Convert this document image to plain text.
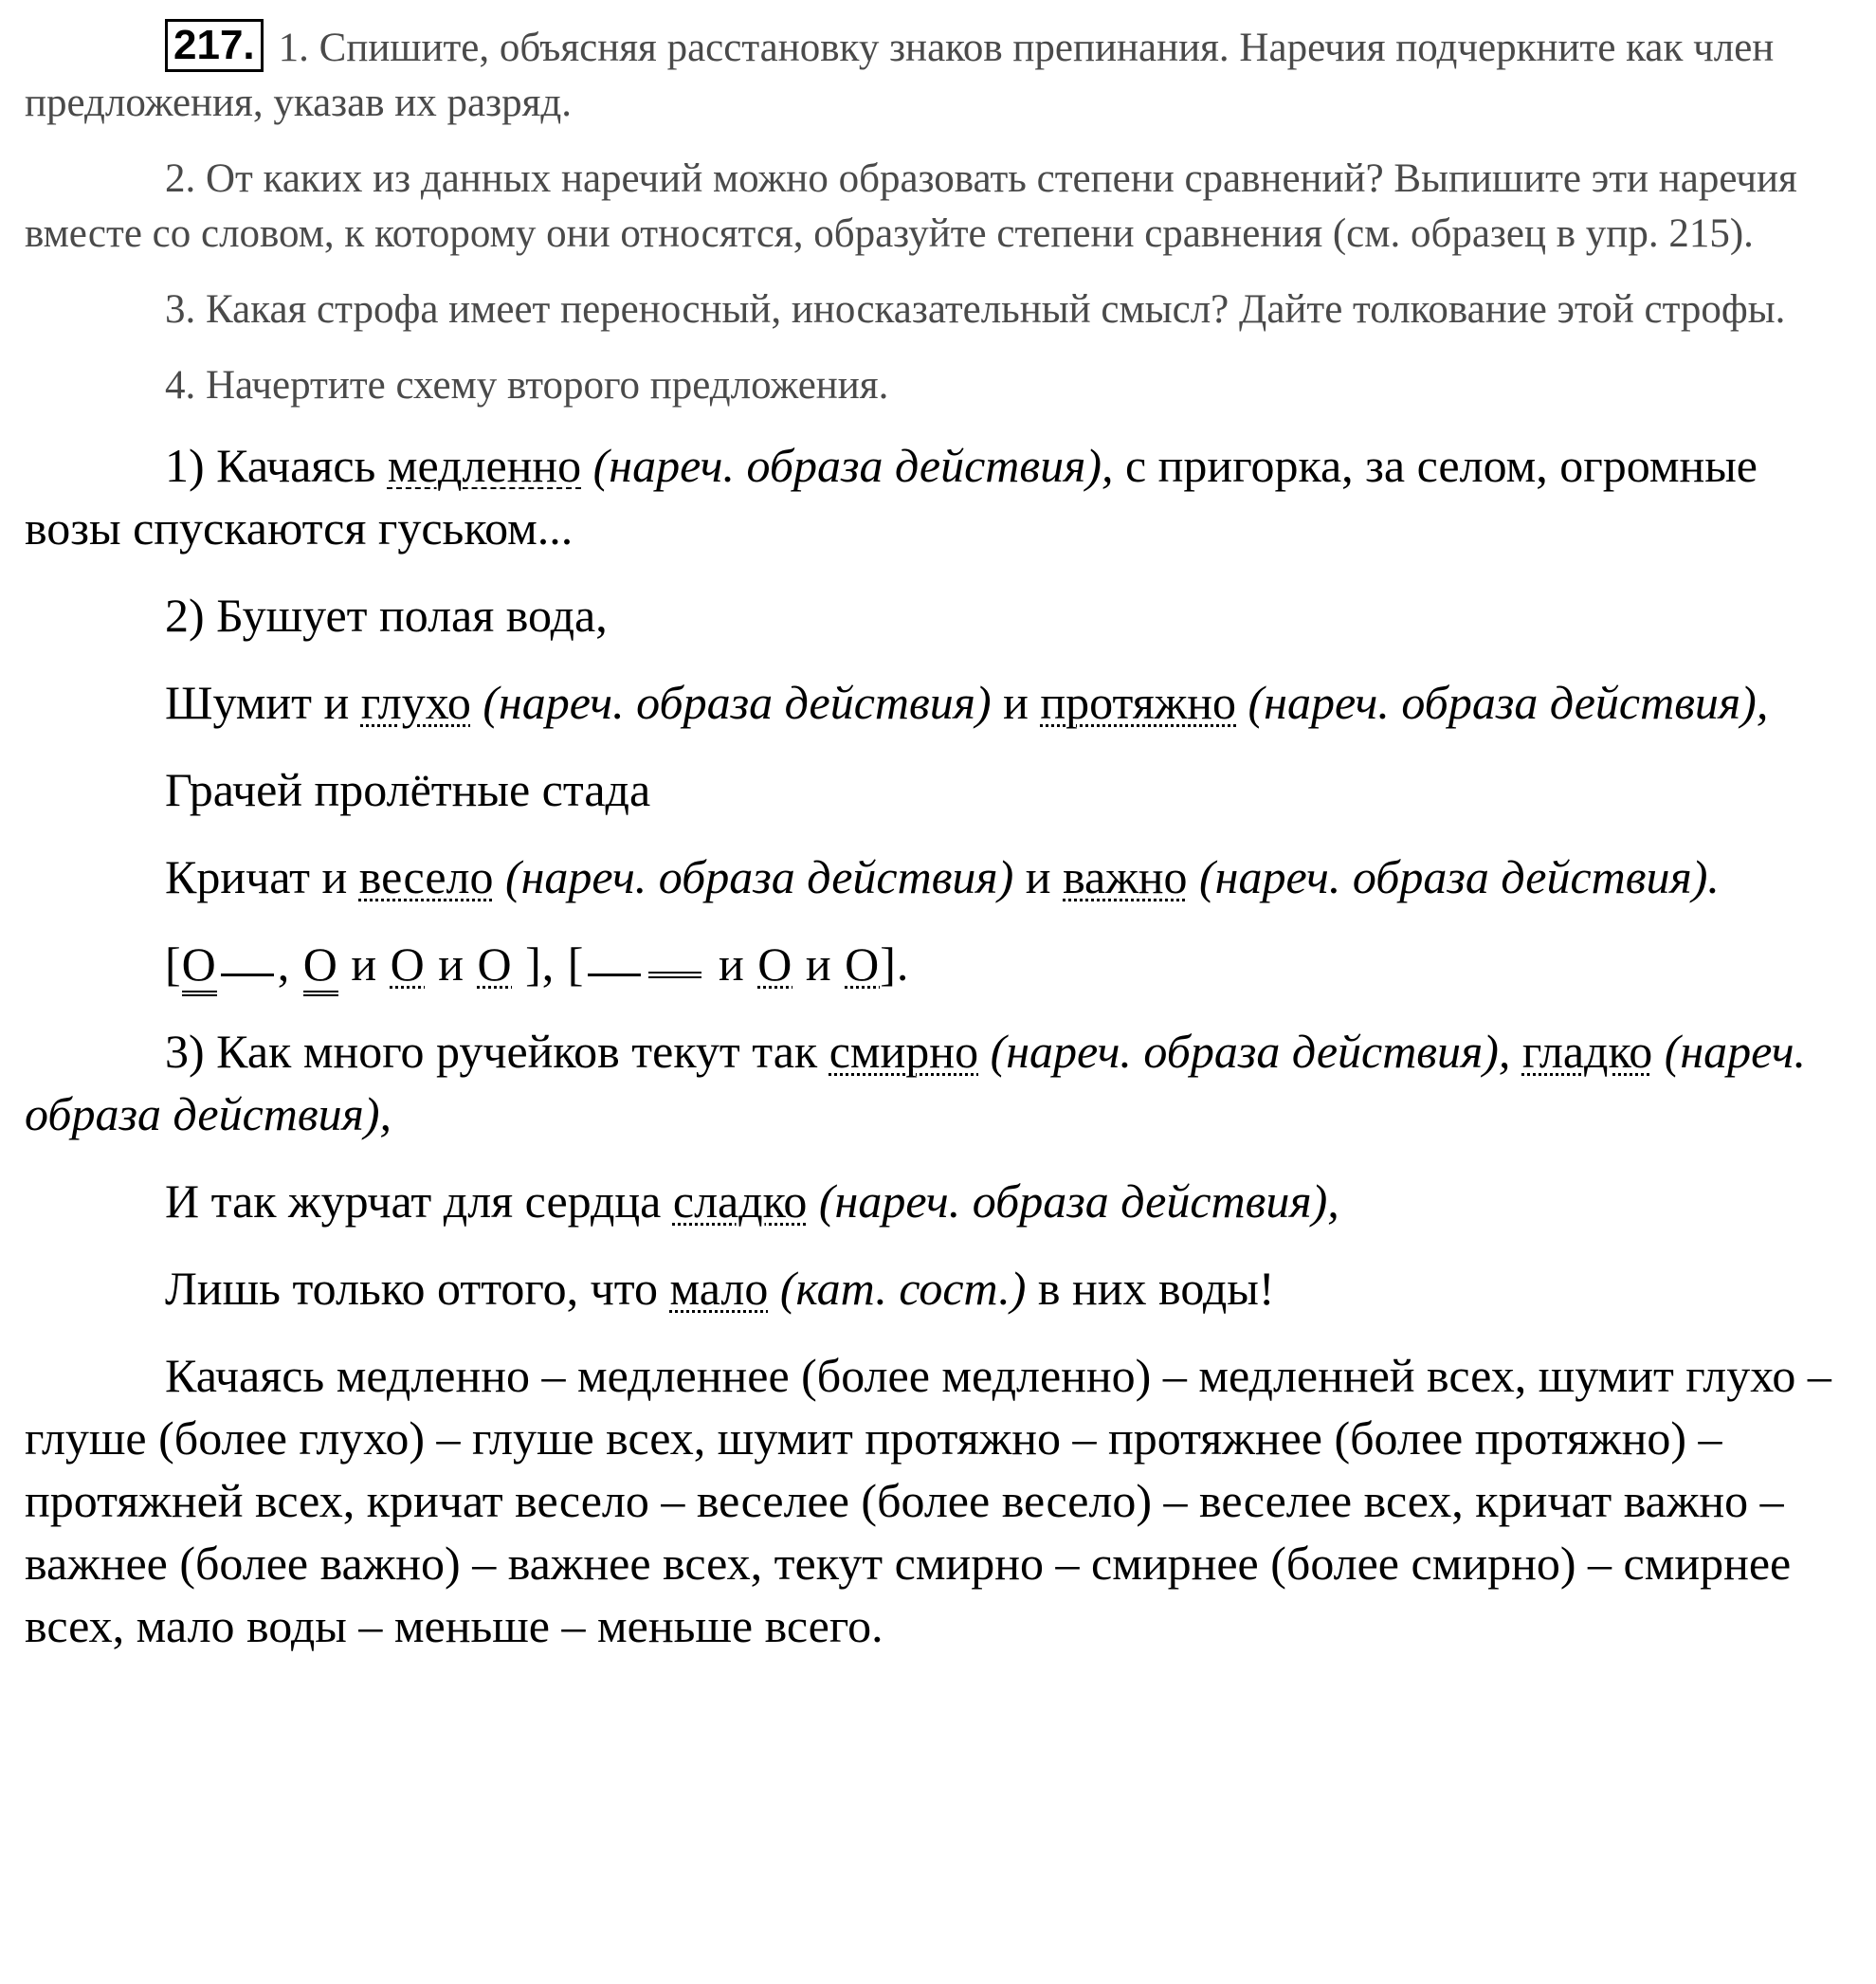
217. 1. Спишите, объясняя расстановку знаков препинания. Наречия подчеркните как член предложения, указав их разряд.

2. От каких из данных наречий можно образовать степени сравнений? Выпишите эти наречия вместе со словом, к которому они относятся, образуйте степени сравнения (см. образец в упр. 215).

3. Какая строфа имеет переносный, иносказательный смысл? Дайте толкование этой строфы.

4. Начертите схему второго предложения.

1) Качаясь медленно (нареч. образа действия), с пригорка, за селом, огромные возы спускаются гуськом...

2) Бушует полая вода,

Шумит и глухо (нареч. образа действия) и протяжно (нареч. образа действия),

Грачей пролётные стада

Кричат и весело (нареч. образа действия) и важно (нареч. образа действия).

[О , О и О и О ], [	и О и О].

3) Как много ручейков текут так смирно (нареч. образа действия), гладко (нареч. образа действия),

И так журчат для сердца сладко (нареч. образа действия),

Лишь только оттого, что мало (кат. сост.) в них воды!

Качаясь медленно – медленнее (более медленно) – медленней всех, шумит глухо – глуше (более глухо) – глуше всех, шумит протяжно – протяжнее (более протяжно) – протяжней всех, кричат весело – веселее (более весело) – веселее всех, кричат важно – важнее (более важно) – важнее всех, текут смирно – смирнее (более смирно) – смирнее всех, мало воды – меньше – меньше всего.
